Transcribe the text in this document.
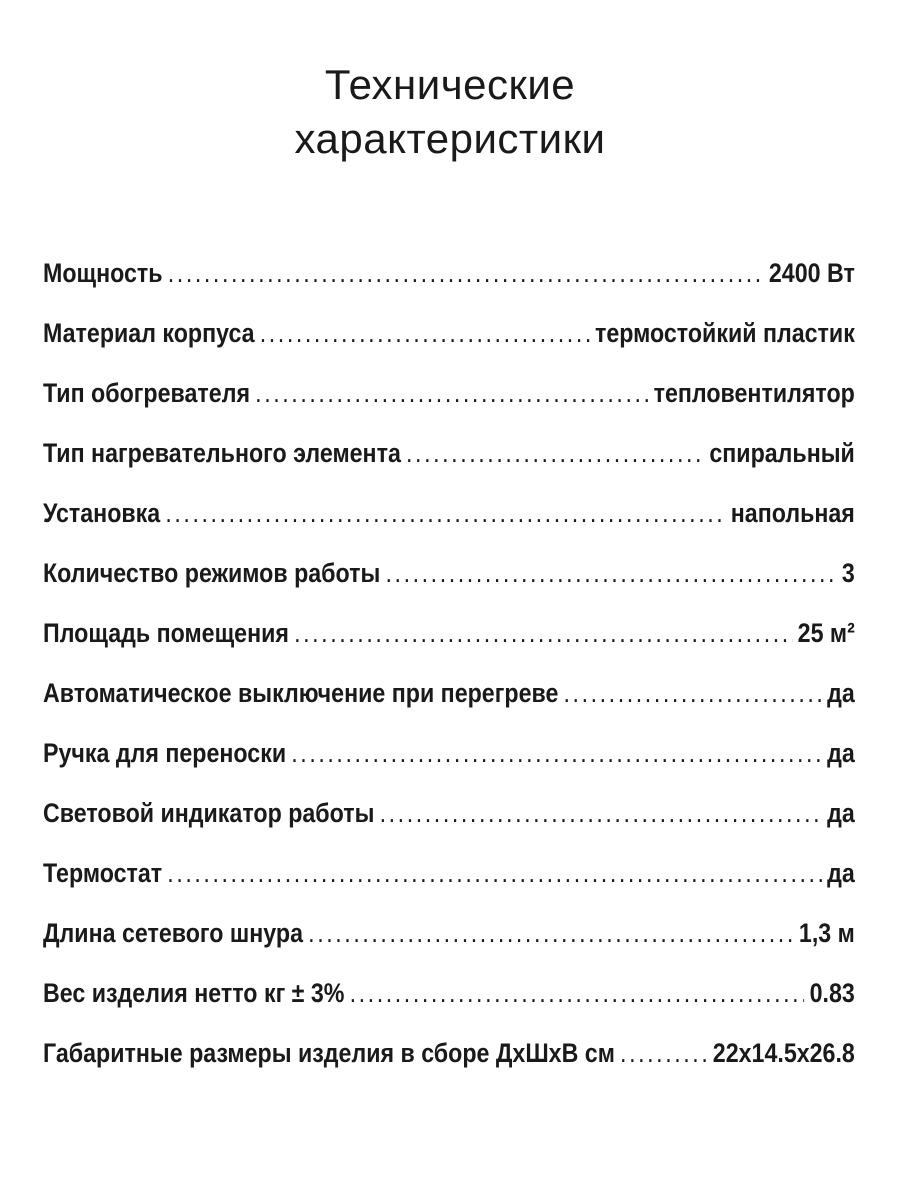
Технические
характеристики
Мощность .....	2400 Вт
Материал корпуса .....	термостойкий пластик
Тип обогревателя .....	тепловентилятор
Тип нагревательного элемента .....	спиральный
Установка .....	напольная
Количество режимов работы .....	3
Площадь помещения .....	25 м²
Автоматическое выключение при перегреве .....	да
Ручка для переноски .....	да
Световой индикатор работы .....	да
Термостат .....	да
Длина сетевого шнура .....	1,3 м
Вес изделия нетто кг ± 3% .....	0.83
Габаритные размеры изделия в сборе ДхШхВ см .....	22х14.5х26.8
